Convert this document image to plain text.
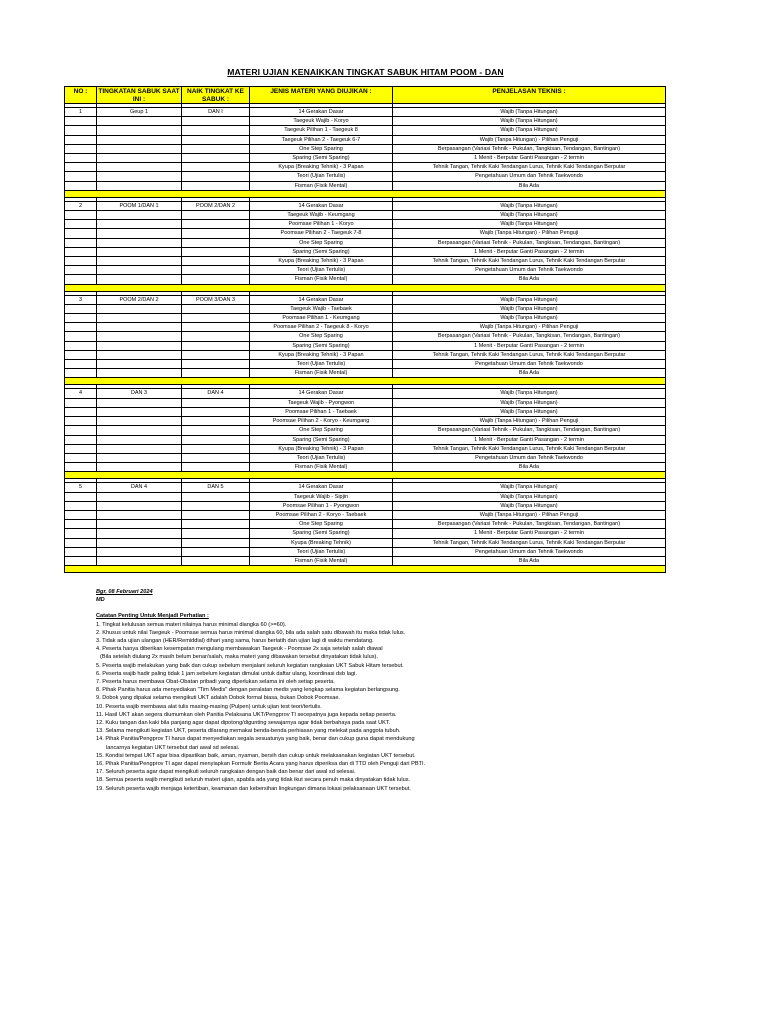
MATERI UJIAN KENAIKKAN TINGKAT SABUK HITAM POOM - DAN
NO :	TINGKATAN SABUK SAAT INI :	NAIK TINGKAT KE SABUK :	JENIS MATERI YANG DIUJIKAN :	PENJELASAN TEKNIS :

1	Geup 1	DAN I	14 Gerakan Dasar	Wajib (Tanpa Hitungan)
			Taegeuk Wajib - Koryo	Wajib (Tanpa Hitungan)
			Taegeuk Pilihan 1 - Taegeuk 8	Wajib (Tanpa Hitungan)
			Taegeuk Pilihan 2 - Taegeuk 6-7	Wajib (Tanpa Hitungan) - Pilihan Penguji
			One Step Sparing	Berpasangan (Variasi Tehnik - Pukulan, Tangkisan, Tendangan, Bantingan)
			Sparing (Semi Sparing)	1 Menit - Berputar Ganti Pasangan - 2 termin
			Kyupa (Breaking Tehnik) - 3 Papan	Tehnik Tangan, Tehnik Kaki Tendangan Lurus, Tehnik Kaki Tendangan Berputar
			Teori (Ujian Tertulis)	Pengetahuan Umum dan Tehnik Taekwondo
			Fisman (Fisik Mental)	Bila Ada

2	POOM 1/DAN 1	POOM 2/DAN 2	14 Gerakan Dasar	Wajib (Tanpa Hitungan)
			Taegeuk Wajib - Keumgang	Wajib (Tanpa Hitungan)
			Poomsae Pilihan 1 - Koryo	Wajib (Tanpa Hitungan)
			Poomsae Pilihan 2 - Taegeuk 7-8	Wajib (Tanpa Hitungan) - Pilihan Penguji
			One Step Sparing	Berpasangan (Variasi Tehnik - Pukulan, Tangkisan, Tendangan, Bantingan)
			Sparing (Semi Sparing)	1 Menit - Berputar Ganti Pasangan - 2 termin
			Kyupa (Breaking Tehnik) - 3 Papan	Tehnik Tangan, Tehnik Kaki Tendangan Lurus, Tehnik Kaki Tendangan Berputar
			Teori (Ujian Tertulis)	Pengetahuan Umum dan Tehnik Taekwondo
			Fisman (Fisik Mental)	Bila Ada

3	POOM 2/DAN 2	POOM 3/DAN 3	14 Gerakan Dasar	Wajib (Tanpa Hitungan)
			Taegeuk Wajib - Taebaek	Wajib (Tanpa Hitungan)
			Poomsae Pilihan 1 - Keumgang	Wajib (Tanpa Hitungan)
			Poomsae Pilihan 2 - Taegeuk 8 - Koryo	Wajib (Tanpa Hitungan) - Pilihan Penguji
			One Step Sparing	Berpasangan (Variasi Tehnik - Pukulan, Tangkisan, Tendangan, Bantingan)
			Sparing (Semi Sparing)	1 Menit - Berputar Ganti Pasangan - 2 termin
			Kyupa (Breaking Tehnik) - 3 Papan	Tehnik Tangan, Tehnik Kaki Tendangan Lurus, Tehnik Kaki Tendangan Berputar
			Teori (Ujian Tertulis)	Pengetahuan Umum dan Tehnik Taekwondo
			Fisman (Fisik Mental)	Bila Ada

4	DAN 3	DAN 4	14 Gerakan Dasar	Wajib (Tanpa Hitungan)
			Taegeuk Wajib - Pyongwon	Wajib (Tanpa Hitungan)
			Poomsae Pilihan 1 - Taebaek	Wajib (Tanpa Hitungan)
			Poomsae Pilihan 2 - Koryo - Keumgang	Wajib (Tanpa Hitungan) - Pilihan Penguji
			One Step Sparing	Berpasangan (Variasi Tehnik - Pukulan, Tangkisan, Tendangan, Bantingan)
			Sparing (Semi Sparing)	1 Menit - Berputar Ganti Pasangan - 2 termin
			Kyupa (Breaking Tehnik) - 3 Papan	Tehnik Tangan, Tehnik Kaki Tendangan Lurus, Tehnik Kaki Tendangan Berputar
			Teori (Ujian Tertulis)	Pengetahuan Umum dan Tehnik Taekwondo
			Fisman (Fisik Mental)	Bila Ada

5	DAN 4	DAN 5	14 Gerakan Dasar	Wajib (Tanpa Hitungan)
			Taegeuk Wajib - Sipjin	Wajib (Tanpa Hitungan)
			Poomsae Pilihan 1 - Pyongwon	Wajib (Tanpa Hitungan)
			Poomsae Pilihan 2 - Koryo - Taebaek	Wajib (Tanpa Hitungan) - Pilihan Penguji
			One Step Sparing	Berpasangan (Variasi Tehnik - Pukulan, Tangkisan, Tendangan, Bantingan)
			Sparing (Semi Sparing)	1 Menit - Berputar Ganti Pasangan - 2 termin
			Kyupa (Breaking Tehnik)	Tehnik Tangan, Tehnik Kaki Tendangan Lurus, Tehnik Kaki Tendangan Berputar
			Teori (Ujian Tertulis)	Pengetahuan Umum dan Tehnik Taekwondo
			Fisman (Fisik Mental)	Bila Ada

Bgr, 08 Februari 2024
MD
Catatan Penting Untuk Menjadi Perhatian :
1. Tingkat kelulusan semua materi nilainya harus minimal diangka 60 (>=60).
2. Khusus untuk nilai Taegeuk - Poomsae semua harus minimal diangka 60, bila ada salah satu dibawah itu maka tidak lulus.
3. Tidak ada ujian ulangan (HER/Remiddial) dihari yang sama, harus berlatih dan ujian lagi di waktu mendatang.
4. Peserta hanya diberikan kesempatan mengulang membawakan Taegeuk - Poomsae 2x saja setelah salah diawal
(Bila setelah diulang 2x masih belum benar/salah, maka materi yang dibawakan tersebut dinyatakan tidak lulus).
5. Peserta wajib melakukan yang baik dan cukup sebelum menjalani seluruh kegiatan rangkaian UKT Sabuk Hitam tersebut.
6. Peserta wajib hadir paling tidak 1 jam sebelum kegiatan dimulai untuk daftar ulang, koordinasi dsb lagi.
7. Peserta harus membawa Obat-Obatan pribadi yang diperlukan selama ini oleh setiap peserta.
8. Pihak Panitia harus ada menyediakan "Tim Medis" dengan peralatan medis yang lengkap selama kegiatan berlangsung.
9. Dobok yang dipakai selama mengikuti UKT adalah Dobok formal biasa, bukan Dobok Poomsae.
10. Peserta wajib membawa alat tulis masing-masing (Pulpen) untuk ujian test teori/tertulis.
11. Hasil UKT akan segera diumumkan oleh Panitia Pelaksana UKT/Pengprov TI secepatnya juga kepada setiap peserta.
12. Kuku tangan dan kaki bila panjang agar dapat dipotong/digunting sewajarnya agar tidak berbahaya pada saat UKT.
13. Selama mengikuti kegiatan UKT, peserta dilarang memakai benda-benda perhiasan yang melekat pada anggota tubuh.
14. Pihak Panitia/Pengprov TI harus dapat menyediakan segala sesuatunya yang baik, benar dan cukup guna dapat mendukung
lancarnya kegiatan UKT tersebut dari awal sd selesai.
15. Kondisi tempat UKT agar bisa dipastikan baik, aman, nyaman, bersih dan cukup untuk melaksanakan kegiatan UKT tersebut.
16. Pihak Panitia/Pengprov TI agar dapat menyiapkan Formulir Berita Acara yang harus diperiksa dan di TTD oleh Penguji dari PBTI.
17. Seluruh peserta agar dapat mengikuti seluruh rangkaian dengan baik dan benar dari awal sd selesai.
18. Semua peserta wajib mengikuti seluruh materi ujian, apabila ada yang tidak ikut secara penuh maka dinyatakan tidak lulus.
19. Seluruh peserta wajib menjaga ketertiban, keamanan dan kebersihan lingkungan dimana lokasi pelaksanaan UKT tersebut.
